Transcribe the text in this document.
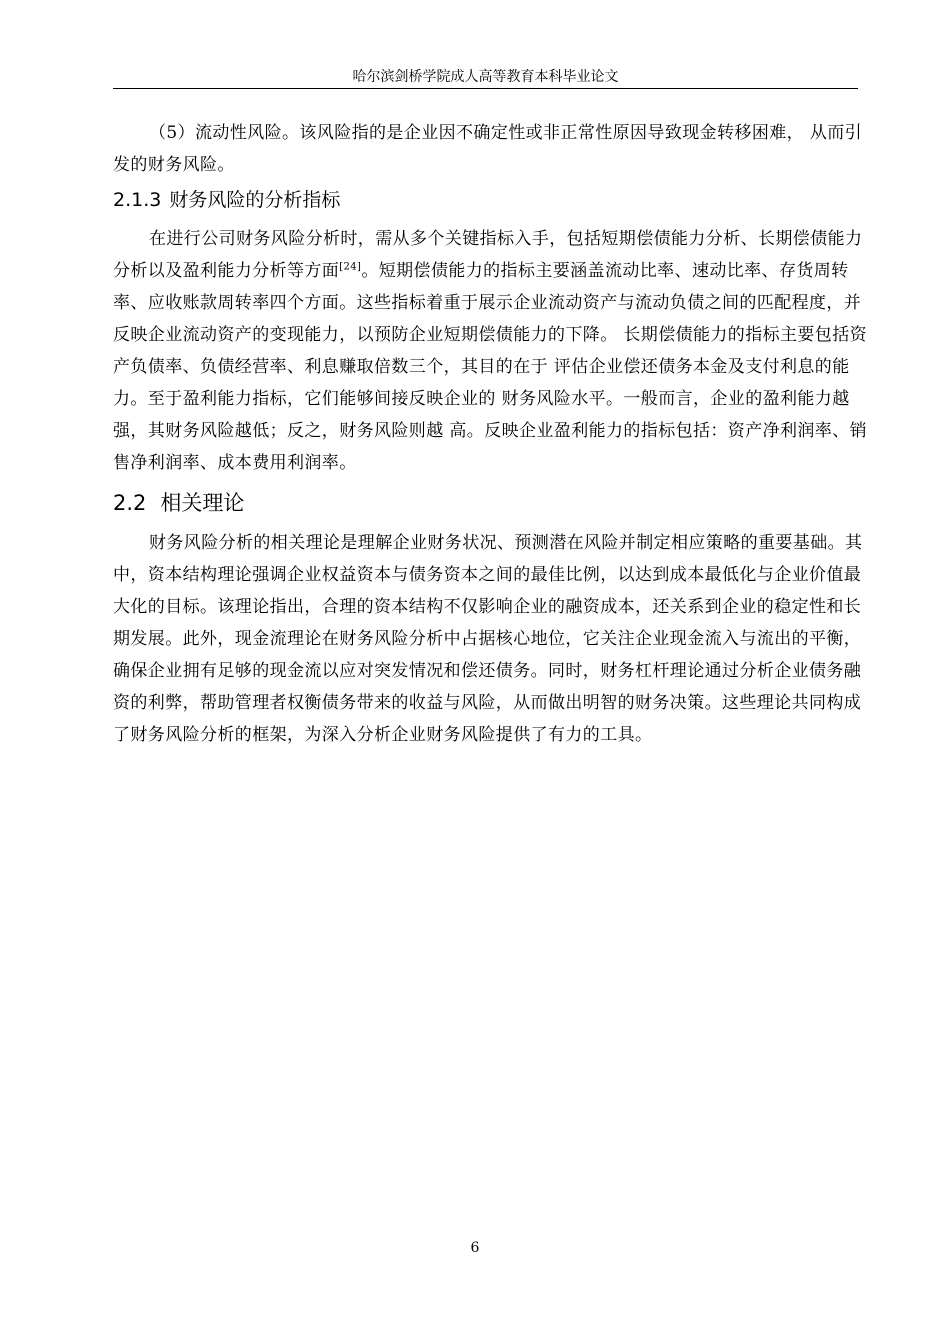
哈尔滨剑桥学院成人高等教育本科毕业论文

（5）流动性风险。该风险指的是企业因不确定性或非正常性原因导致现金转移困难， 从而引发的财务风险。

2.1.3 财务风险的分析指标

在进行公司财务风险分析时，需从多个关键指标入手，包括短期偿债能力分析、长期偿债能力分析以及盈利能力分析等方面[24]。短期偿债能力的指标主要涵盖流动比率、速动比率、存货周转率、应收账款周转率四个方面。这些指标着重于展示企业流动资产与流动负债之间的匹配程度，并反映企业流动资产的变现能力，以预防企业短期偿债能力的下降。 长期偿债能力的指标主要包括资产负债率、负债经营率、利息赚取倍数三个，其目的在于 评估企业偿还债务本金及支付利息的能力。至于盈利能力指标，它们能够间接反映企业的 财务风险水平。一般而言，企业的盈利能力越强，其财务风险越低；反之，财务风险则越 高。反映企业盈利能力的指标包括：资产净利润率、销售净利润率、成本费用利润率。

2.2 相关理论

财务风险分析的相关理论是理解企业财务状况、预测潜在风险并制定相应策略的重要基础。其中，资本结构理论强调企业权益资本与债务资本之间的最佳比例，以达到成本最低化与企业价值最大化的目标。该理论指出，合理的资本结构不仅影响企业的融资成本，还关系到企业的稳定性和长期发展。此外，现金流理论在财务风险分析中占据核心地位，它关注企业现金流入与流出的平衡，确保企业拥有足够的现金流以应对突发情况和偿还债务。同时，财务杠杆理论通过分析企业债务融资的利弊，帮助管理者权衡债务带来的收益与风险，从而做出明智的财务决策。这些理论共同构成了财务风险分析的框架，为深入分析企业财务风险提供了有力的工具。

6
